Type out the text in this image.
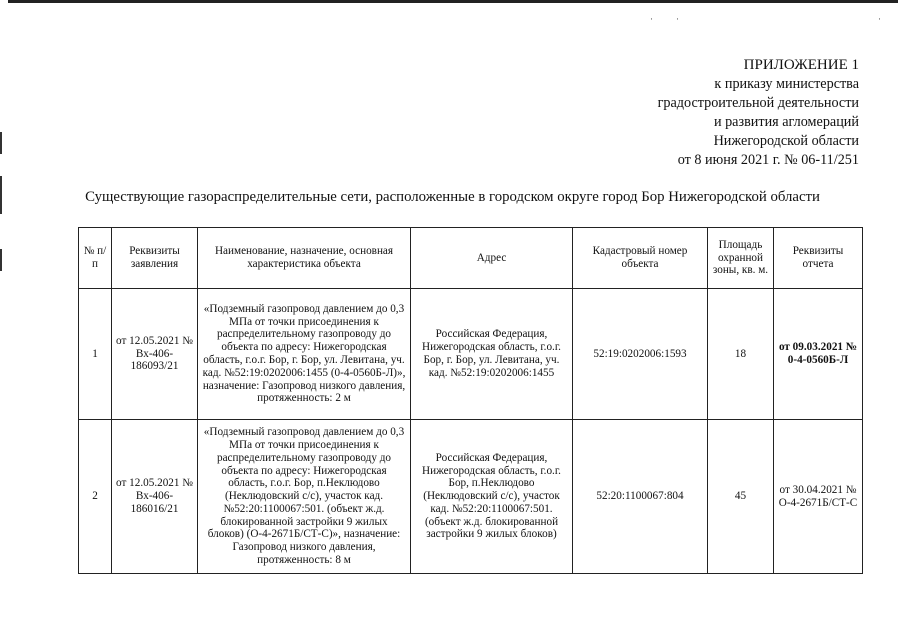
·	·	·
ПРИЛОЖЕНИЕ 1
к приказу министерства
градостроительной деятельности
и развития агломераций
Нижегородской области
от 8 июня 2021 г. № 06-11/251
Существующие газораспределительные сети, расположенные в городском округе город Бор Нижегородской области
№ п/п	Реквизиты заявления	Наименование, назначение, основная характеристика объекта	Адрес	Кадастровый номер объекта	Площадь охранной зоны, кв. м.	Реквизиты отчета
1	от 12.05.2021 № Вх-406-186093/21	«Подземный газопровод давлением до 0,3 МПа от точки присоединения к распределительному газопроводу до объекта по адресу: Нижегородская область, г.о.г. Бор, г. Бор, ул. Левитана, уч. кад. №52:19:0202006:1455 (0-4-0560Б-Л)», назначение: Газопровод низкого давления, протяженность: 2 м	Российская Федерация, Нижегородская область, г.о.г. Бор, г. Бор, ул. Левитана, уч. кад. №52:19:0202006:1455	52:19:0202006:1593	18	от 09.03.2021 № 0-4-0560Б-Л
2	от 12.05.2021 № Вх-406-186016/21	«Подземный газопровод давлением до 0,3 МПа от точки присоединения к распределительному газопроводу до объекта по адресу: Нижегородская область, г.о.г. Бор, п.Неклюдово (Неклюдовский с/с), участок кад. №52:20:1100067:501. (объект ж.д. блокированной застройки 9 жилых блоков) (О-4-2671Б/СТ-С)», назначение: Газопровод низкого давления, протяженность: 8 м	Российская Федерация, Нижегородская область, г.о.г. Бор, п.Неклюдово (Неклюдовский с/с), участок кад. №52:20:1100067:501. (объект ж.д. блокированной застройки 9 жилых блоков)	52:20:1100067:804	45	от 30.04.2021 № О-4-2671Б/СТ-С
